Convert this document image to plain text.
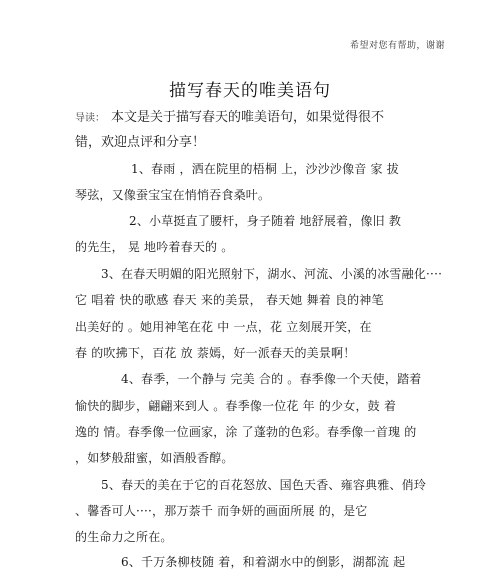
希望对您有帮助，谢谢
描写春天的唯美语句
导读： 本文是关于描写春天的唯美语句，如果觉得很不错，欢迎点评和分享！
1、春雨 ，洒在院里的梧桐 上，沙沙沙像音 家 拔
琴弦，又像蚕宝宝在悄悄吞食桑叶。
2、小草挺直了腰杆，身子随着 地舒展着，像旧 教
的先生， 晃 地吟着春天的 。
3、在春天明媚的阳光照射下，湖水、河流、小溪的冰雪融化····
它 唱着 快的歌感 春天 来的美景， 春天她 舞着 良的神笔
出美好的 。她用神笔在花 中 一点，花 立刻展开笑，在
春 的吹拂下，百花 放 萘嫣，好一派春天的美景啊！
4、春季，一个静与 完美 合的 。春季像一个天使，踏着
愉快的脚步，翩翩来到人 。春季像一位花 年 的少女，鼓 着
逸的 情。春季像一位画家，涂 了蓬勃的色彩。春季像一首瑰 的
，如梦般甜蜜，如酒般香醇。
5、春天的美在于它的百花怒放、国色天香、雍容典雅、俏玲
、馨香可人····，那万萘千 而争妍的画面所展 的，是它
的生命力之所在。
6、千万条柳枝随 着，和着湖水中的倒影，湖都流 起
